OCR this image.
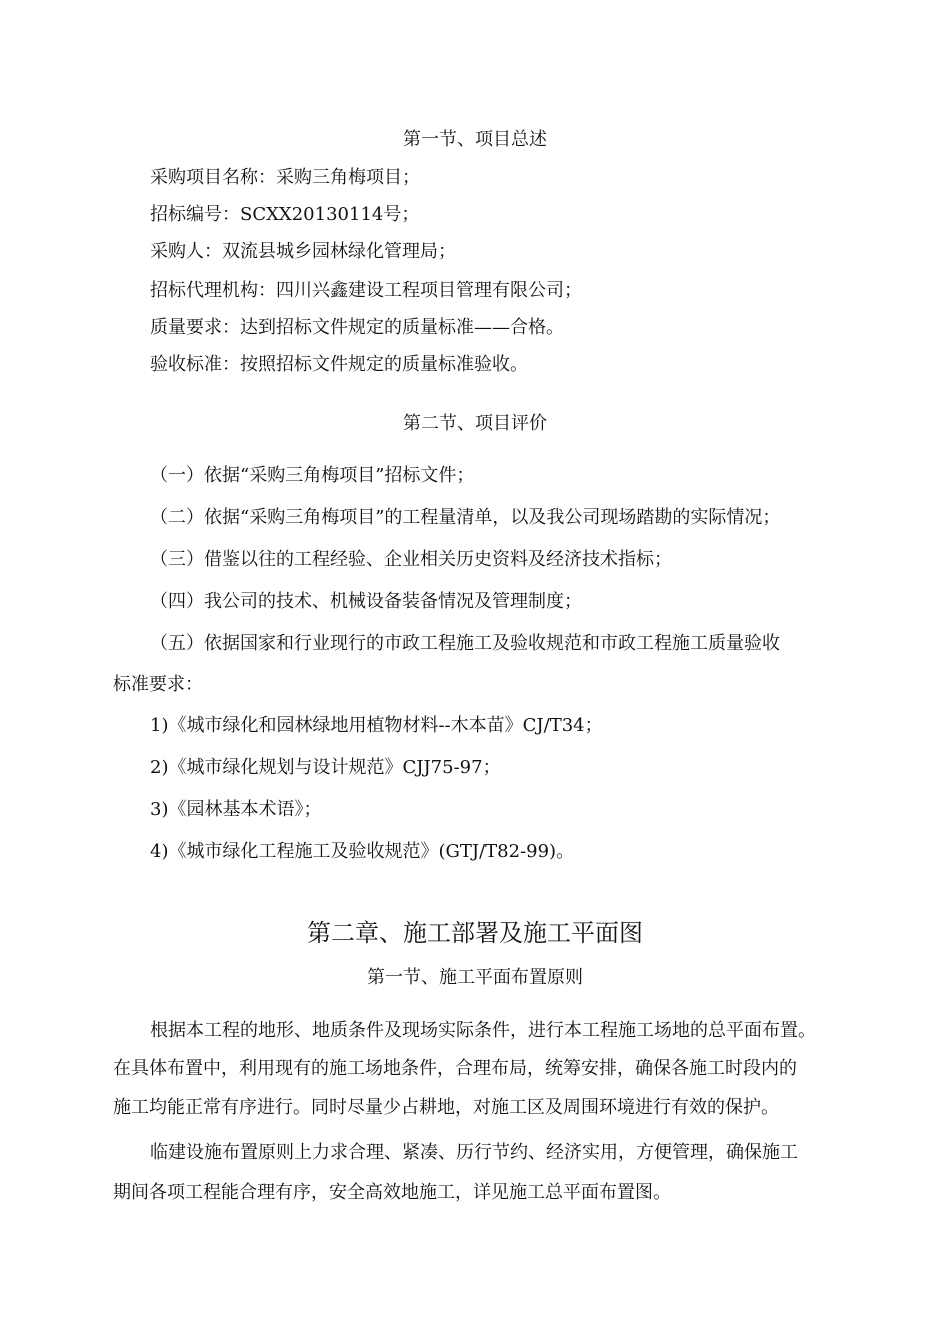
第一节、项目总述
采购项目名称：采购三角梅项目；
招标编号：SCXX20130114号；
采购人：双流县城乡园林绿化管理局；
招标代理机构：四川兴鑫建设工程项目管理有限公司；
质量要求：达到招标文件规定的质量标准——合格。
验收标准：按照招标文件规定的质量标准验收。
第二节、项目评价
（一）依据“采购三角梅项目”招标文件；
（二）依据“采购三角梅项目”的工程量清单，以及我公司现场踏勘的实际情况；
（三）借鉴以往的工程经验、企业相关历史资料及经济技术指标；
（四）我公司的技术、机械设备装备情况及管理制度；
（五）依据国家和行业现行的市政工程施工及验收规范和市政工程施工质量验收
标准要求：
1)《城市绿化和园林绿地用植物材料--木本苗》CJ/T34；
2)《城市绿化规划与设计规范》CJJ75-97；
3)《园林基本术语》；
4)《城市绿化工程施工及验收规范》(GTJ/T82-99)。
第二章、施工部署及施工平面图
第一节、施工平面布置原则
根据本工程的地形、地质条件及现场实际条件，进行本工程施工场地的总平面布置。
在具体布置中，利用现有的施工场地条件，合理布局，统筹安排，确保各施工时段内的
施工均能正常有序进行。同时尽量少占耕地，对施工区及周围环境进行有效的保护。
临建设施布置原则上力求合理、紧凑、历行节约、经济实用，方便管理，确保施工
期间各项工程能合理有序，安全高效地施工，详见施工总平面布置图。
